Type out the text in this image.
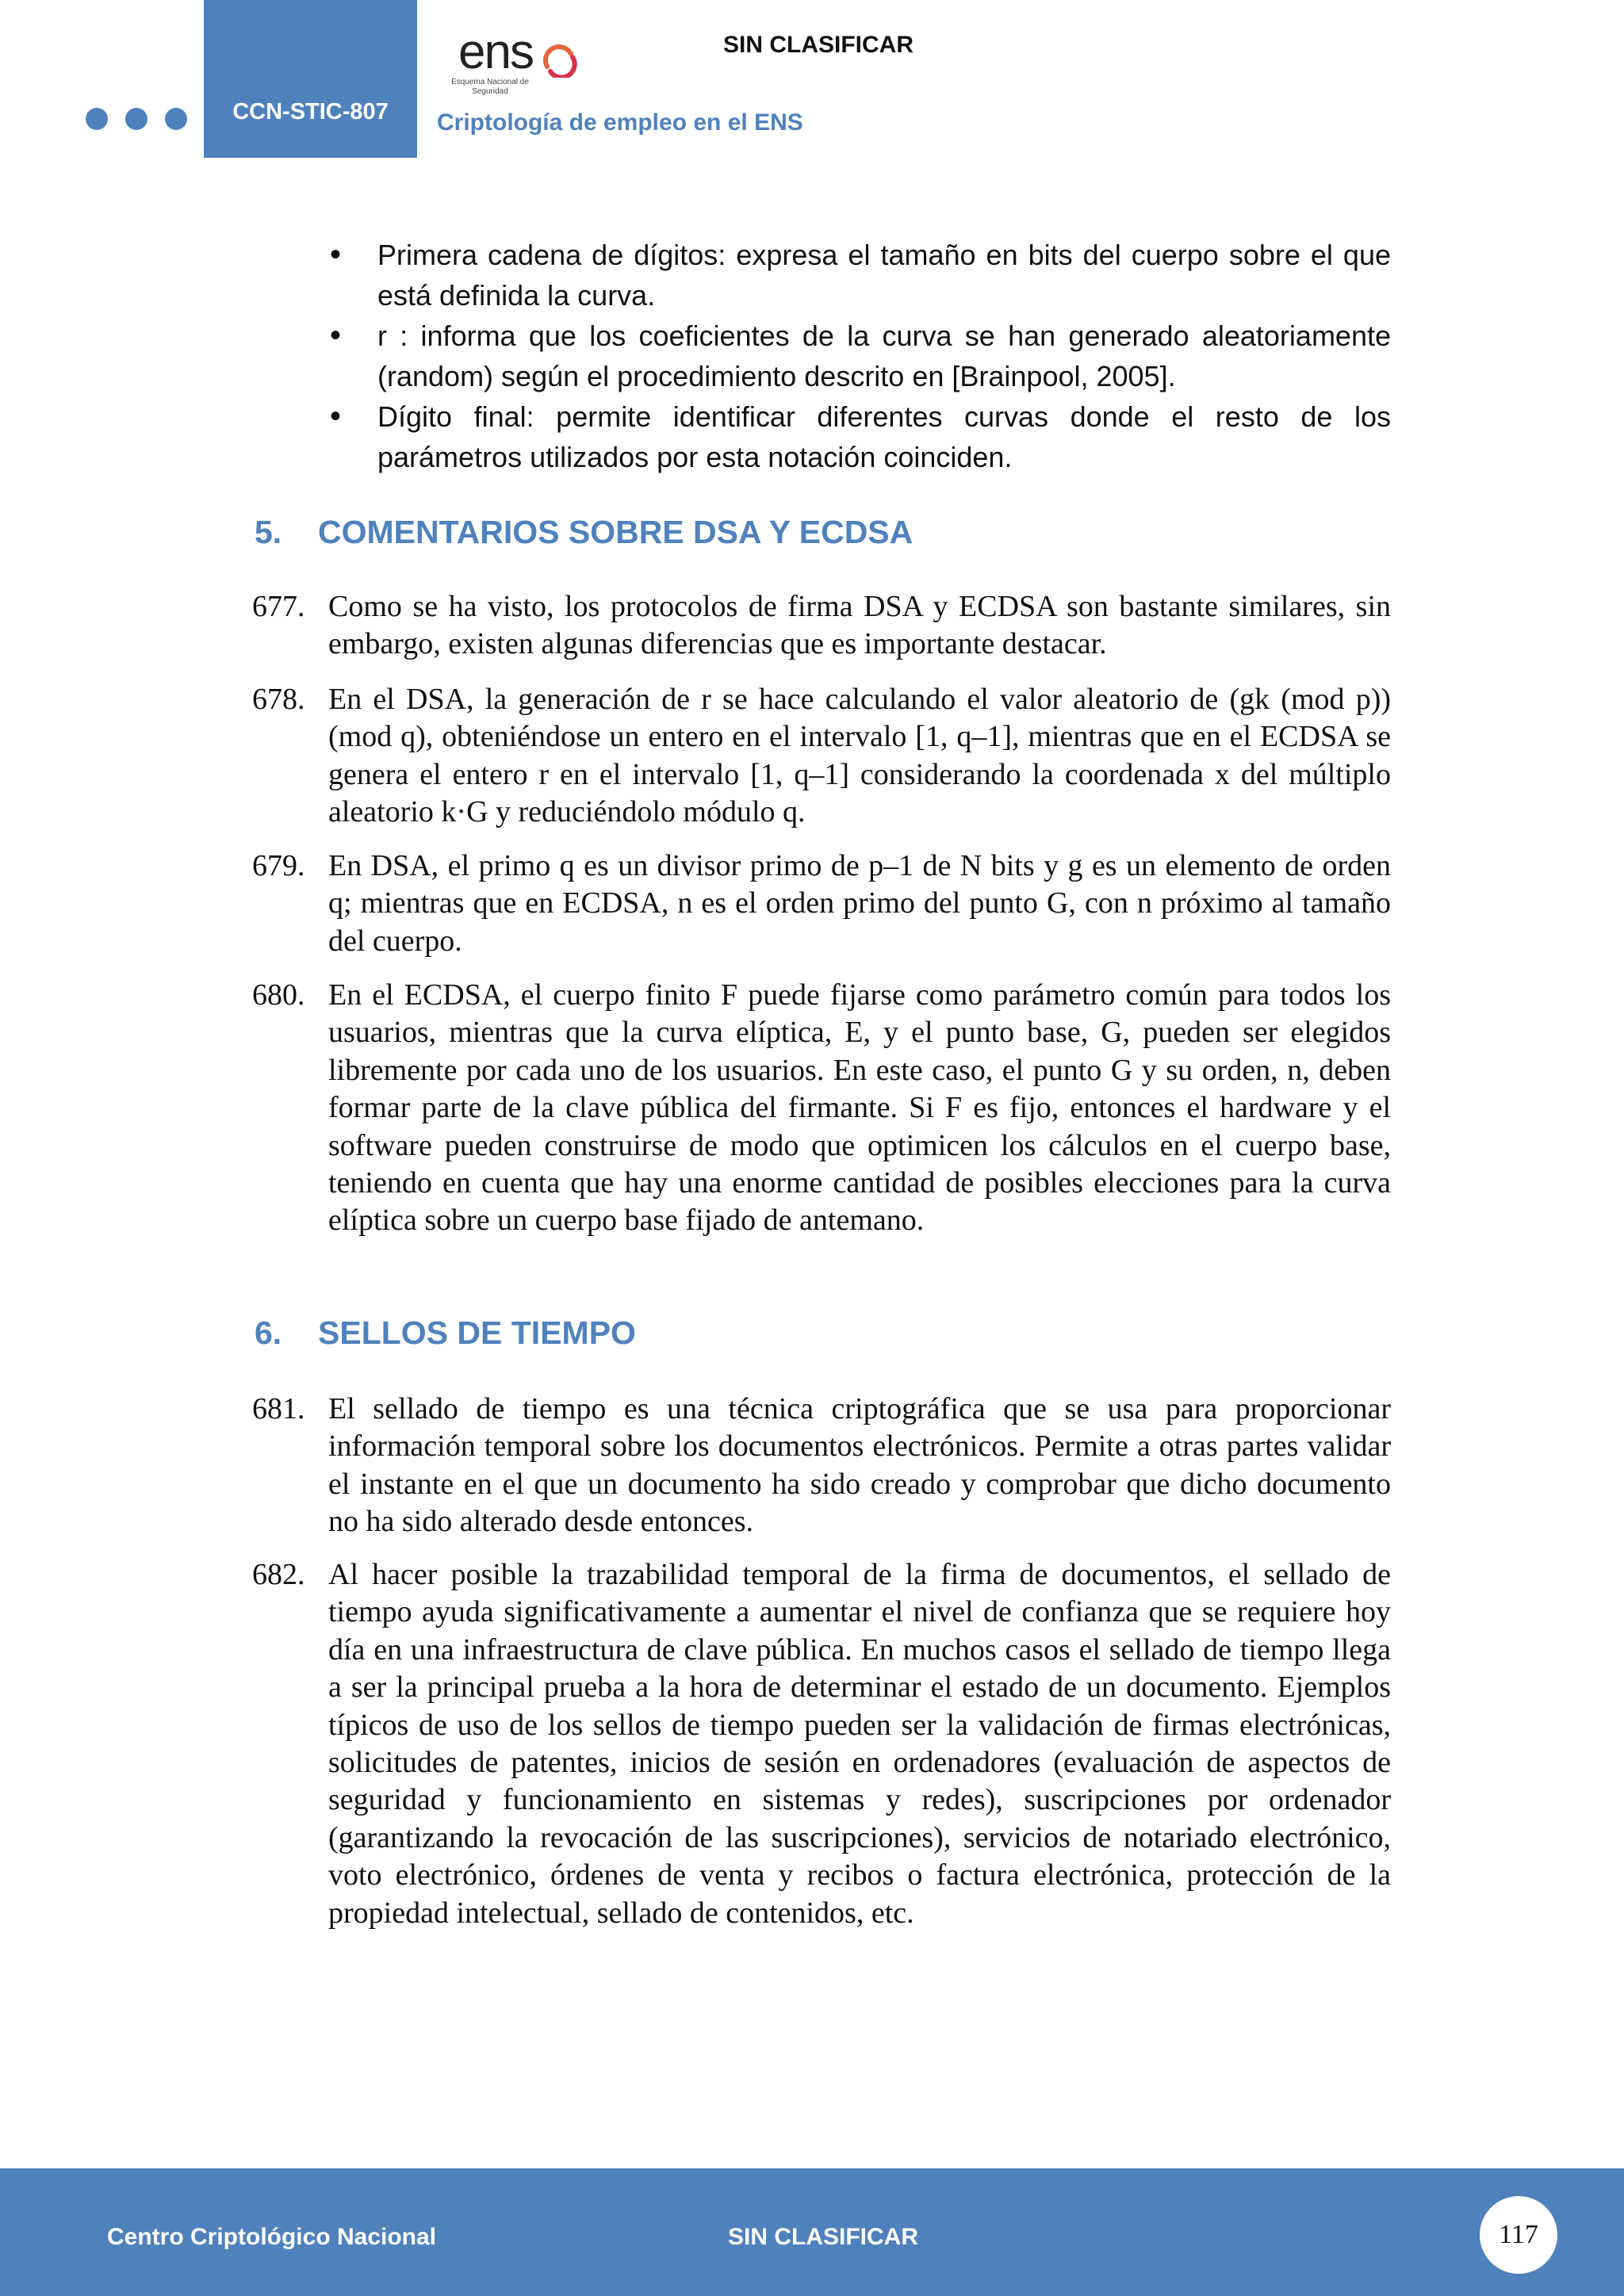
CCN-STIC-807
ens
Esquema Nacional de Seguridad
SIN CLASIFICAR
Criptología de empleo en el ENS
• Primera cadena de dígitos: expresa el tamaño en bits del cuerpo sobre el que está definida la curva.
• r : informa que los coeficientes de la curva se han generado aleatoriamente (random) según el procedimiento descrito en [Brainpool, 2005].
• Dígito final: permite identificar diferentes curvas donde el resto de los parámetros utilizados por esta notación coinciden.
5. COMENTARIOS SOBRE DSA Y ECDSA
677. Como se ha visto, los protocolos de firma DSA y ECDSA son bastante similares, sin embargo, existen algunas diferencias que es importante destacar.
678. En el DSA, la generación de r se hace calculando el valor aleatorio de (gk (mod p)) (mod q), obteniéndose un entero en el intervalo [1, q–1], mientras que en el ECDSA se genera el entero r en el intervalo [1, q–1] considerando la coordenada x del múltiplo aleatorio k·G y reduciéndolo módulo q.
679. En DSA, el primo q es un divisor primo de p–1 de N bits y g es un elemento de orden q; mientras que en ECDSA, n es el orden primo del punto G, con n próximo al tamaño del cuerpo.
680. En el ECDSA, el cuerpo finito F puede fijarse como parámetro común para todos los usuarios, mientras que la curva elíptica, E, y el punto base, G, pueden ser elegidos libremente por cada uno de los usuarios. En este caso, el punto G y su orden, n, deben formar parte de la clave pública del firmante. Si F es fijo, entonces el hardware y el software pueden construirse de modo que optimicen los cálculos en el cuerpo base, teniendo en cuenta que hay una enorme cantidad de posibles elecciones para la curva elíptica sobre un cuerpo base fijado de antemano.
6. SELLOS DE TIEMPO
681. El sellado de tiempo es una técnica criptográfica que se usa para proporcionar información temporal sobre los documentos electrónicos. Permite a otras partes validar el instante en el que un documento ha sido creado y comprobar que dicho documento no ha sido alterado desde entonces.
682. Al hacer posible la trazabilidad temporal de la firma de documentos, el sellado de tiempo ayuda significativamente a aumentar el nivel de confianza que se requiere hoy día en una infraestructura de clave pública. En muchos casos el sellado de tiempo llega a ser la principal prueba a la hora de determinar el estado de un documento. Ejemplos típicos de uso de los sellos de tiempo pueden ser la validación de firmas electrónicas, solicitudes de patentes, inicios de sesión en ordenadores (evaluación de aspectos de seguridad y funcionamiento en sistemas y redes), suscripciones por ordenador (garantizando la revocación de las suscripciones), servicios de notariado electrónico, voto electrónico, órdenes de venta y recibos o factura electrónica, protección de la propiedad intelectual, sellado de contenidos, etc.
Centro Criptológico Nacional	SIN CLASIFICAR	117
